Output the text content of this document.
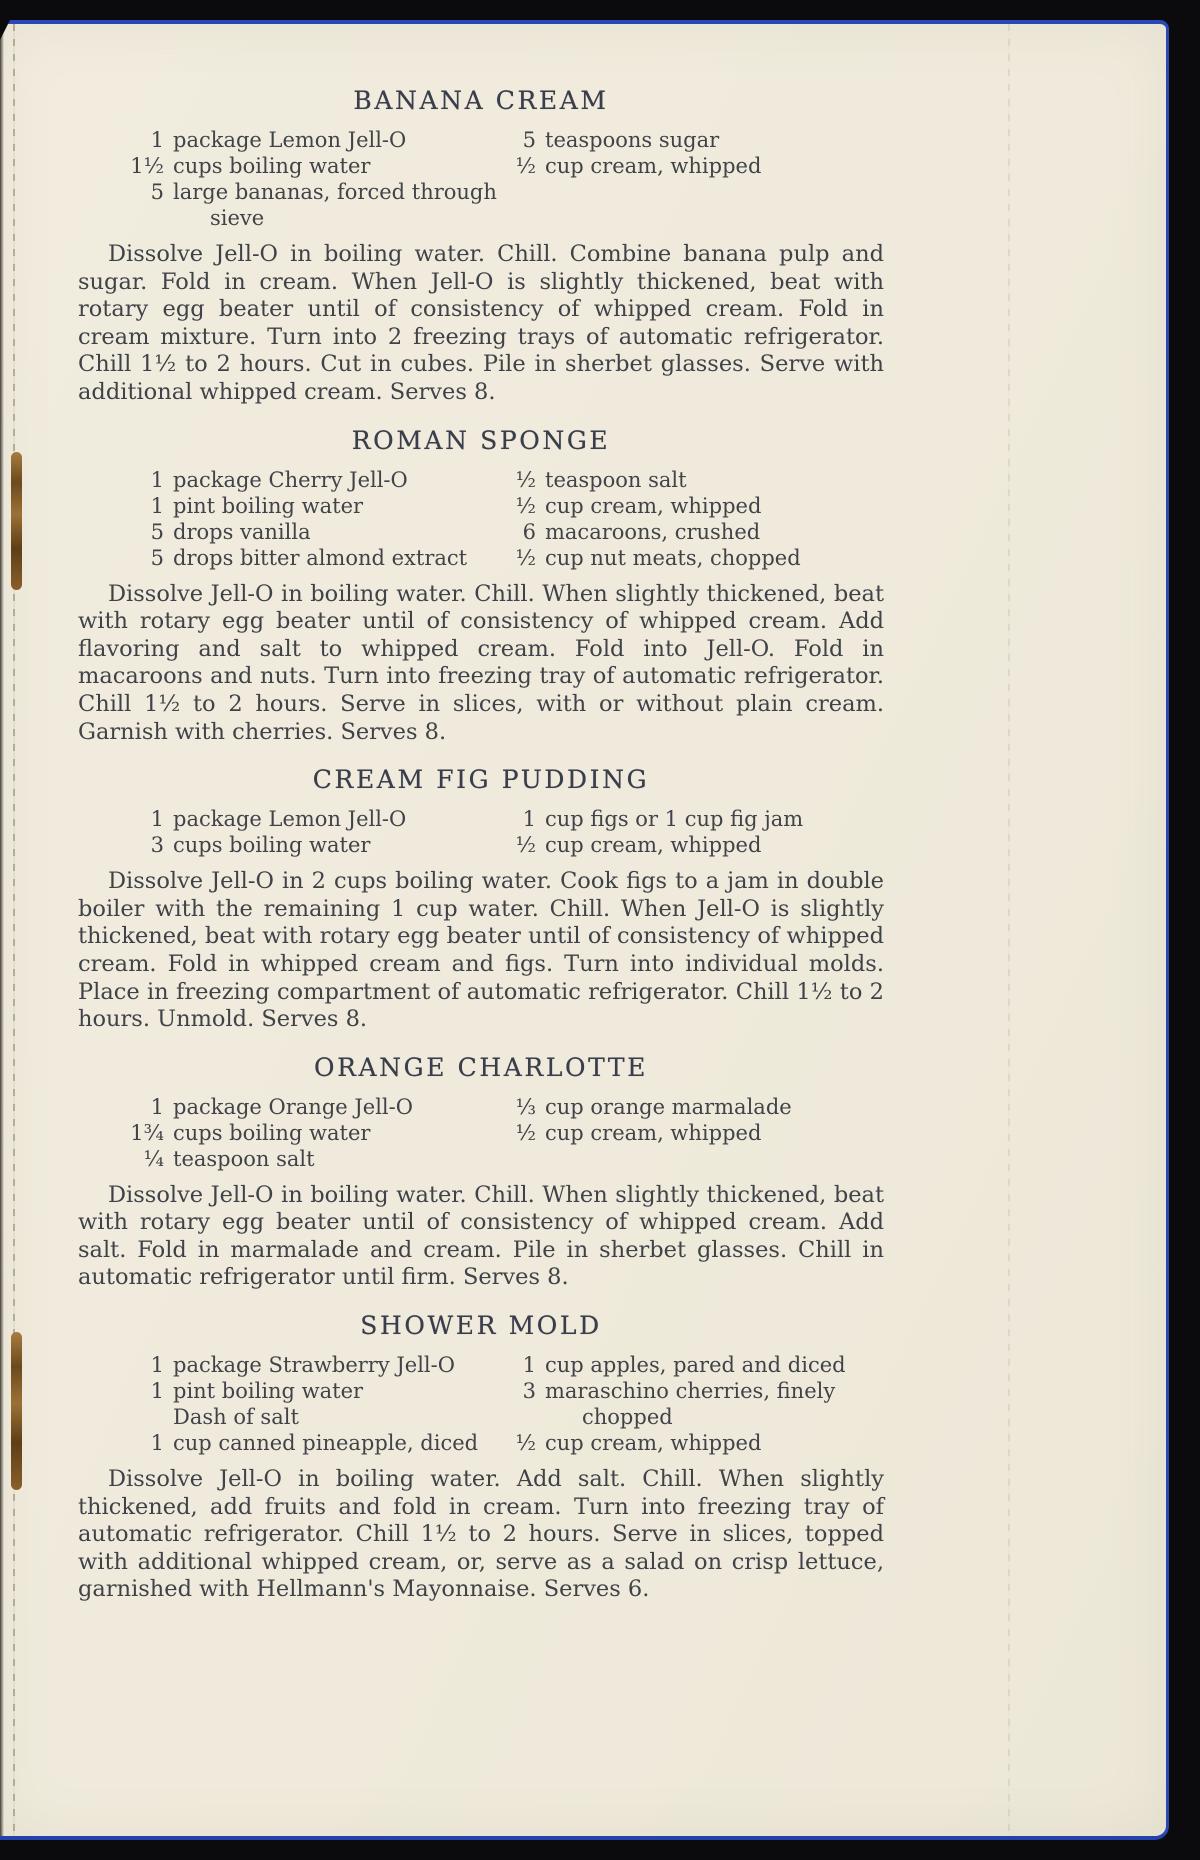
BANANA CREAM
1 package Lemon Jell-O
1½ cups boiling water
5 large bananas, forced through
sieve
5 teaspoons sugar
½ cup cream, whipped

Dissolve Jell-O in boiling water. Chill. Combine banana pulp and sugar. Fold in cream. When Jell-O is slightly thickened, beat with rotary egg beater until of consistency of whipped cream. Fold in cream mixture. Turn into 2 freezing trays of automatic refrigerator. Chill 1½ to 2 hours. Cut in cubes. Pile in sherbet glasses. Serve with additional whipped cream. Serves 8.

ROMAN SPONGE
1 package Cherry Jell-O
1 pint boiling water
5 drops vanilla
5 drops bitter almond extract
½ teaspoon salt
½ cup cream, whipped
6 macaroons, crushed
½ cup nut meats, chopped

Dissolve Jell-O in boiling water. Chill. When slightly thickened, beat with rotary egg beater until of consistency of whipped cream. Add flavoring and salt to whipped cream. Fold into Jell-O. Fold in macaroons and nuts. Turn into freezing tray of automatic refrigerator. Chill 1½ to 2 hours. Serve in slices, with or without plain cream. Garnish with cherries. Serves 8.

CREAM FIG PUDDING
1 package Lemon Jell-O
3 cups boiling water
1 cup figs or 1 cup fig jam
½ cup cream, whipped

Dissolve Jell-O in 2 cups boiling water. Cook figs to a jam in double boiler with the remaining 1 cup water. Chill. When Jell-O is slightly thickened, beat with rotary egg beater until of consistency of whipped cream. Fold in whipped cream and figs. Turn into individual molds. Place in freezing compartment of automatic refrigerator. Chill 1½ to 2 hours. Unmold. Serves 8.

ORANGE CHARLOTTE
1 package Orange Jell-O
1¾ cups boiling water
¼ teaspoon salt
⅓ cup orange marmalade
½ cup cream, whipped

Dissolve Jell-O in boiling water. Chill. When slightly thickened, beat with rotary egg beater until of consistency of whipped cream. Add salt. Fold in marmalade and cream. Pile in sherbet glasses. Chill in automatic refrigerator until firm. Serves 8.

SHOWER MOLD
1 package Strawberry Jell-O
1 pint boiling water
Dash of salt
1 cup canned pineapple, diced
1 cup apples, pared and diced
3 maraschino cherries, finely
chopped
½ cup cream, whipped

Dissolve Jell-O in boiling water. Add salt. Chill. When slightly thickened, add fruits and fold in cream. Turn into freezing tray of automatic refrigerator. Chill 1½ to 2 hours. Serve in slices, topped with additional whipped cream, or, serve as a salad on crisp lettuce, garnished with Hellmann's Mayonnaise. Serves 6.
